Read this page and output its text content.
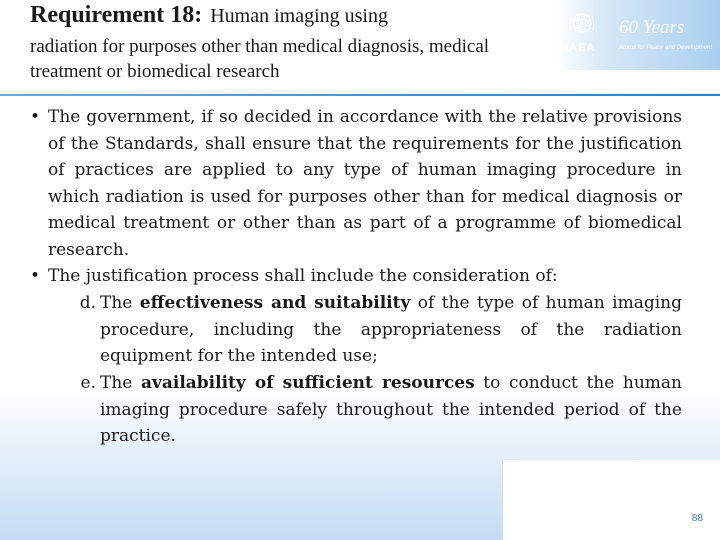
Requirement 18: Human imaging using
radiation for purposes other than medical diagnosis, medical treatment or biomedical research
IAEA
60 Years
Atoms for Peace and Development
• The government, if so decided in accordance with the relative provisions of the Standards, shall ensure that the requirements for the justification of practices are applied to any type of human imaging procedure in which radiation is used for purposes other than for medical diagnosis or medical treatment or other than as part of a programme of biomedical research.
• The justification process shall include the consideration of:
d. The effectiveness and suitability of the type of human imaging procedure, including the appropriateness of the radiation equipment for the intended use;
e. The availability of sufficient resources to conduct the human imaging procedure safely throughout the intended period of the practice.
88
